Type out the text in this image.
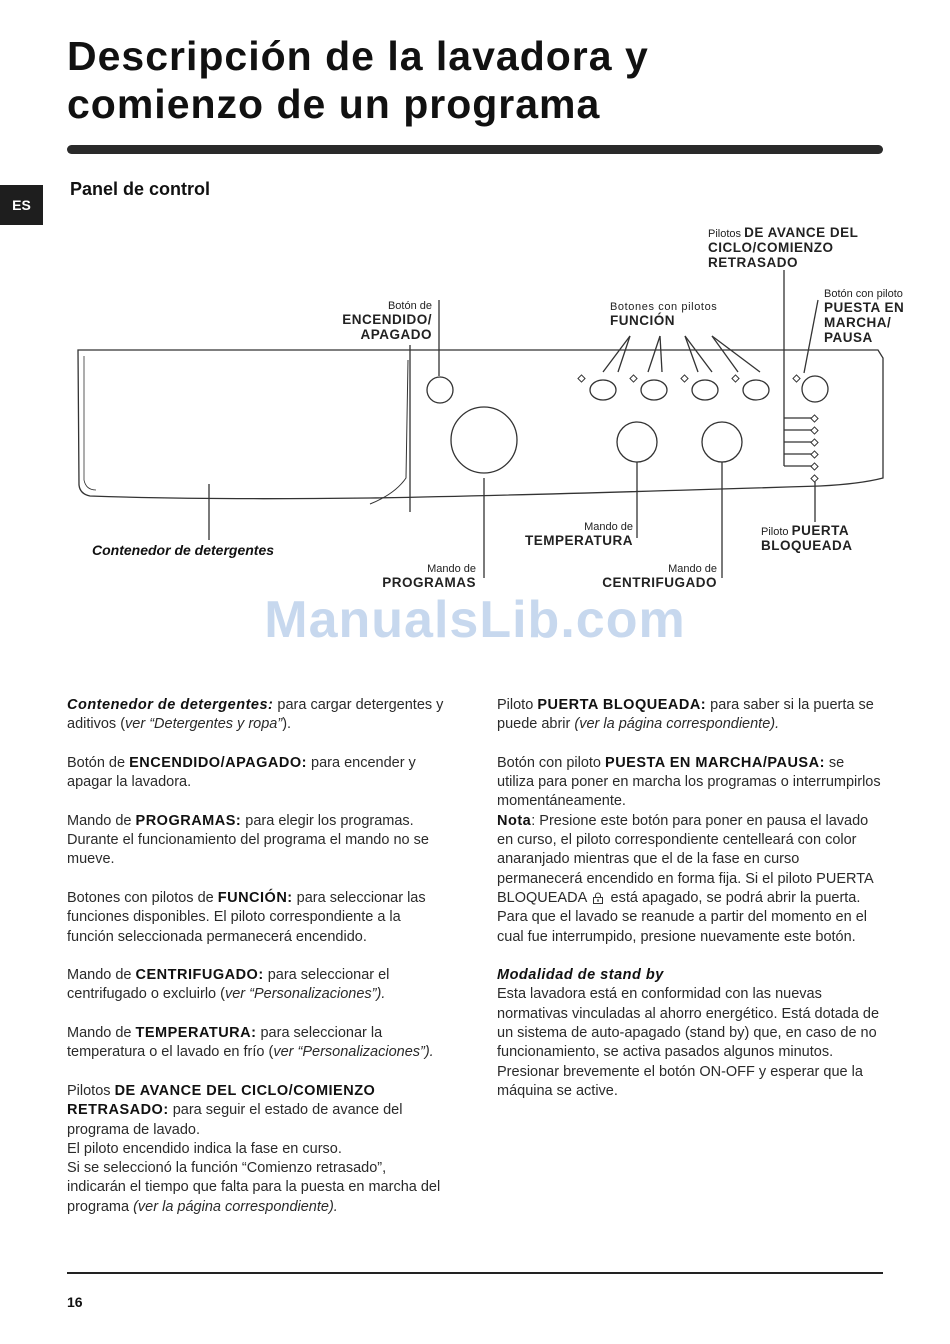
Descripción de la lavadora y
comienzo de un programa
ES
Panel de control
Pilotos DE AVANCE DEL
CICLO/COMIENZO
RETRASADO
Botón de
ENCENDIDO/
APAGADO
Botones con pilotos
FUNCIÓN
Botón con piloto
PUESTA EN
MARCHA/
PAUSA
Mando de
TEMPERATURA
Piloto PUERTA
BLOQUEADA
Mando de
PROGRAMAS
Mando de
CENTRIFUGADO
Contenedor de detergentes
ManualsLib.com

Contenedor de detergentes: para cargar detergentes y aditivos (ver “Detergentes y ropa”).

Botón de ENCENDIDO/APAGADO: para encender y apagar la lavadora.

Mando de PROGRAMAS: para elegir los programas. Durante el funcionamiento del programa el mando no se mueve.

Botones con pilotos de FUNCIÓN: para seleccionar las funciones disponibles. El piloto correspondiente a la función seleccionada permanecerá encendido.

Mando de CENTRIFUGADO: para seleccionar el centrifugado o excluirlo (ver “Personalizaciones”).

Mando de TEMPERATURA: para seleccionar la temperatura o el lavado en frío (ver “Personalizaciones”).

Pilotos DE AVANCE DEL CICLO/COMIENZO RETRASADO: para seguir el estado de avance del programa de lavado.
El piloto encendido indica la fase en curso.
Si se seleccionó la función “Comienzo retrasado”, indicarán el tiempo que falta para la puesta en marcha del programa (ver la página correspondiente).

Piloto PUERTA BLOQUEADA: para saber si la puerta se puede abrir (ver la página correspondiente).

Botón con piloto PUESTA EN MARCHA/PAUSA: se utiliza para poner en marcha los programas o interrumpirlos momentáneamente.
Nota: Presione este botón para poner en pausa el lavado en curso, el piloto correspondiente centelleará con color anaranjado mientras que el de la fase en curso permanecerá encendido en forma fija. Si el piloto PUERTA BLOQUEADA  está apagado, se podrá abrir la puerta.
Para que el lavado se reanude a partir del momento en el cual fue interrumpido, presione nuevamente este botón.

Modalidad de stand by
Esta lavadora está en conformidad con las nuevas normativas vinculadas al ahorro energético. Está dotada de un sistema de auto-apagado (stand by) que, en caso de no funcionamiento, se activa pasados algunos minutos. Presionar brevemente el botón ON-OFF y esperar que la máquina se active.

16
